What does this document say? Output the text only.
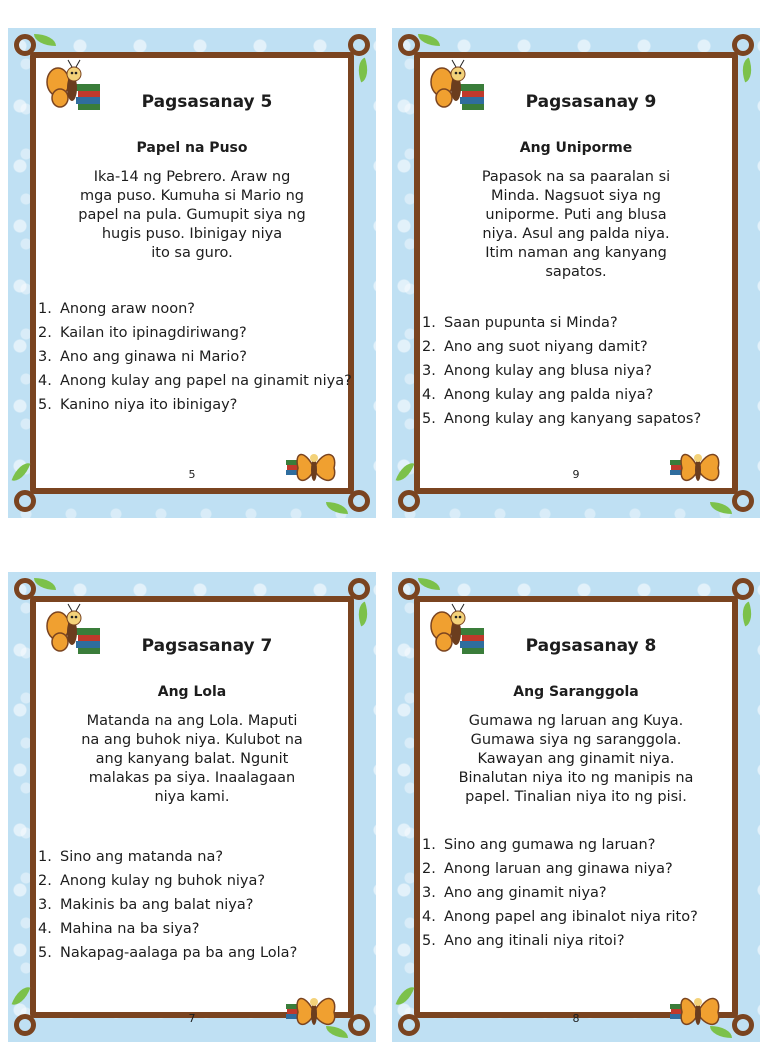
Pagsasanay 5
Papel na Puso
Ika-14 ng Pebrero. Araw ng
mga puso. Kumuha si Mario ng
papel na pula. Gumupit siya ng
hugis puso. Ibinigay niya
ito sa guro.
1. Anong araw noon?
2. Kailan ito ipinagdiriwang?
3. Ano ang ginawa ni Mario?
4. Anong kulay ang papel na ginamit niya?
5. Kanino niya ito ibinigay?
5
Pagsasanay 9
Ang Uniporme
Papasok na sa paaralan si
Minda. Nagsuot siya ng
uniporme. Puti ang blusa
niya. Asul ang palda niya.
Itim naman ang kanyang
sapatos.
1. Saan pupunta si Minda?
2. Ano ang suot niyang damit?
3. Anong kulay ang blusa niya?
4. Anong kulay ang palda niya?
5. Anong kulay ang kanyang sapatos?
9
Pagsasanay 7
Ang Lola
Matanda na ang Lola. Maputi
na ang buhok niya. Kulubot na
ang kanyang balat. Ngunit
malakas pa siya. Inaalagaan
niya kami.
1. Sino ang matanda na?
2. Anong kulay ng buhok niya?
3. Makinis ba ang balat niya?
4. Mahina na ba siya?
5. Nakapag-aalaga pa ba ang Lola?
7
Pagsasanay 8
Ang Saranggola
Gumawa ng laruan ang Kuya.
Gumawa siya ng saranggola.
Kawayan ang ginamit niya.
Binalutan niya ito ng manipis na
papel. Tinalian niya ito ng pisi.
1. Sino ang gumawa ng laruan?
2. Anong laruan ang ginawa niya?
3. Ano ang ginamit niya?
4. Anong papel ang ibinalot niya rito?
5. Ano ang itinali niya ritoi?
8
